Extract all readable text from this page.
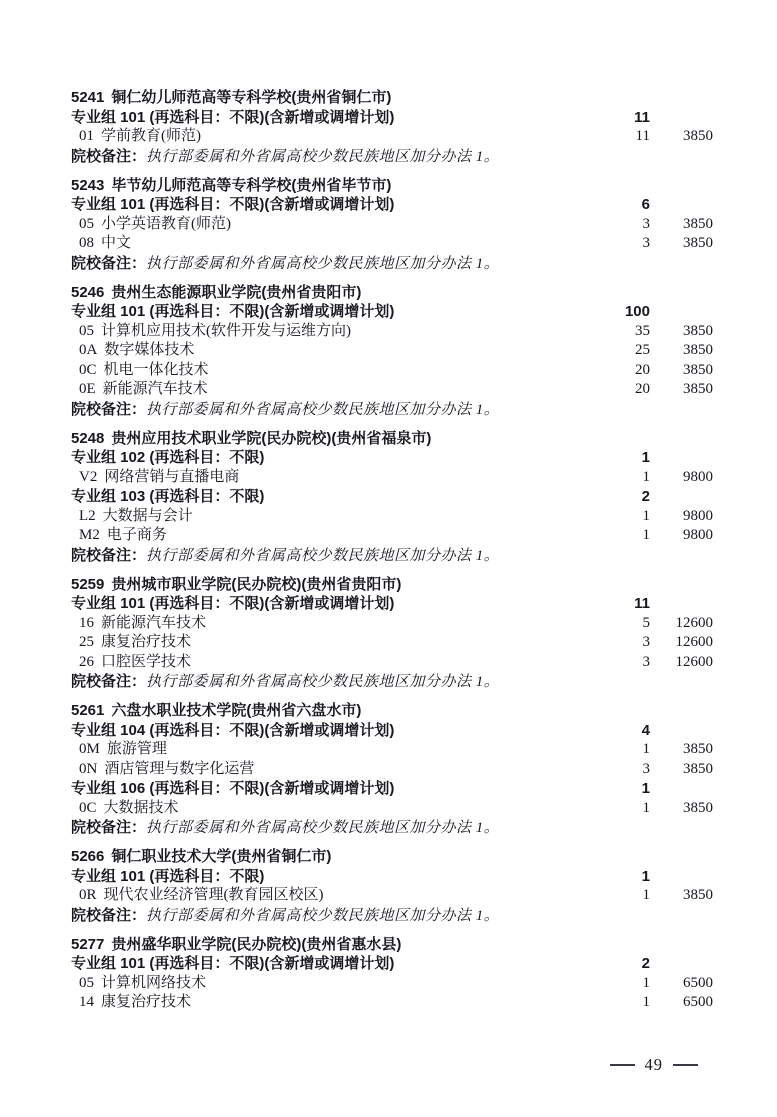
5241 铜仁幼儿师范高等专科学校(贵州省铜仁市)
专业组 101 (再选科目：不限)(含新增或调增计划)	11
01 学前教育(师范)	11	3850
院校备注： 执行部委属和外省属高校少数民族地区加分办法 1。
5243 毕节幼儿师范高等专科学校(贵州省毕节市)
专业组 101 (再选科目：不限)(含新增或调增计划)	6
05 小学英语教育(师范)	3	3850
08 中文	3	3850
院校备注： 执行部委属和外省属高校少数民族地区加分办法 1。
5246 贵州生态能源职业学院(贵州省贵阳市)
专业组 101 (再选科目：不限)(含新增或调增计划)	100
05 计算机应用技术(软件开发与运维方向)	35	3850
0A 数字媒体技术	25	3850
0C 机电一体化技术	20	3850
0E 新能源汽车技术	20	3850
院校备注： 执行部委属和外省属高校少数民族地区加分办法 1。
5248 贵州应用技术职业学院(民办院校)(贵州省福泉市)
专业组 102 (再选科目：不限)	1
V2 网络营销与直播电商	1	9800
专业组 103 (再选科目：不限)	2
L2 大数据与会计	1	9800
M2 电子商务	1	9800
院校备注： 执行部委属和外省属高校少数民族地区加分办法 1。
5259 贵州城市职业学院(民办院校)(贵州省贵阳市)
专业组 101 (再选科目：不限)(含新增或调增计划)	11
16 新能源汽车技术	5	12600
25 康复治疗技术	3	12600
26 口腔医学技术	3	12600
院校备注： 执行部委属和外省属高校少数民族地区加分办法 1。
5261 六盘水职业技术学院(贵州省六盘水市)
专业组 104 (再选科目：不限)(含新增或调增计划)	4
0M 旅游管理	1	3850
0N 酒店管理与数字化运营	3	3850
专业组 106 (再选科目：不限)(含新增或调增计划)	1
0C 大数据技术	1	3850
院校备注： 执行部委属和外省属高校少数民族地区加分办法 1。
5266 铜仁职业技术大学(贵州省铜仁市)
专业组 101 (再选科目：不限)	1
0R 现代农业经济管理(教育园区校区)	1	3850
院校备注： 执行部委属和外省属高校少数民族地区加分办法 1。
5277 贵州盛华职业学院(民办院校)(贵州省惠水县)
专业组 101 (再选科目：不限)(含新增或调增计划)	2
05 计算机网络技术	1	6500
14 康复治疗技术	1	6500
49
